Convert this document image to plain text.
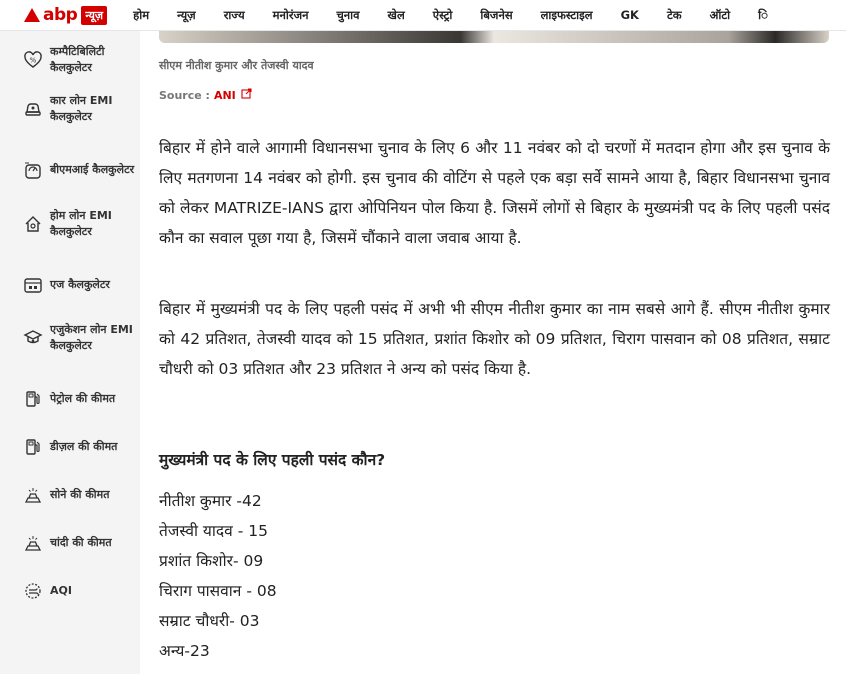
abp न्यूज़	होम न्यूज़ राज्य मनोरंजन चुनाव खेल ऐस्ट्रो बिजनेस लाइफस्टाइल GK टेक ऑटो ि
%
कम्पैटिबिलिटी कैलकुलेटर
कार लोन EMI कैलकुलेटर
बीएमआई कैलकुलेटर
होम लोन EMI कैलकुलेटर
एज कैलकुलेटर
एजुकेशन लोन EMI कैलकुलेटर
पेट्रोल की कीमत
डीज़ल की कीमत
सोने की कीमत
चांदी की कीमत
AQI
सीएम नीतीश कुमार और तेजस्वी यादव
Source : ANI
बिहार में होने वाले आगामी विधानसभा चुनाव के लिए 6 और 11 नवंबर को दो चरणों में मतदान होगा और इस चुनाव के लिए मतगणना 14 नवंबर को होगी. इस चुनाव की वोटिंग से पहले एक बड़ा सर्वे सामने आया है, बिहार विधानसभा चुनाव को लेकर MATRIZE-IANS द्वारा ओपिनियन पोल किया है. जिसमें लोगों से बिहार के मुख्यमंत्री पद के लिए पहली पसंद कौन का सवाल पूछा गया है, जिसमें चौंकाने वाला जवाब आया है.
बिहार में मुख्यमंत्री पद के लिए पहली पसंद में अभी भी सीएम नीतीश कुमार का नाम सबसे आगे हैं. सीएम नीतीश कुमार को 42 प्रतिशत, तेजस्वी यादव को 15 प्रतिशत, प्रशांत किशोर को 09 प्रतिशत, चिराग पासवान को 08 प्रतिशत, सम्राट चौधरी को 03 प्रतिशत और 23 प्रतिशत ने अन्य को पसंद किया है.
मुख्यमंत्री पद के लिए पहली पसंद कौन?
नीतीश कुमार -42
तेजस्वी यादव - 15
प्रशांत किशोर- 09
चिराग पासवान - 08
सम्राट चौधरी- 03
अन्य-23
